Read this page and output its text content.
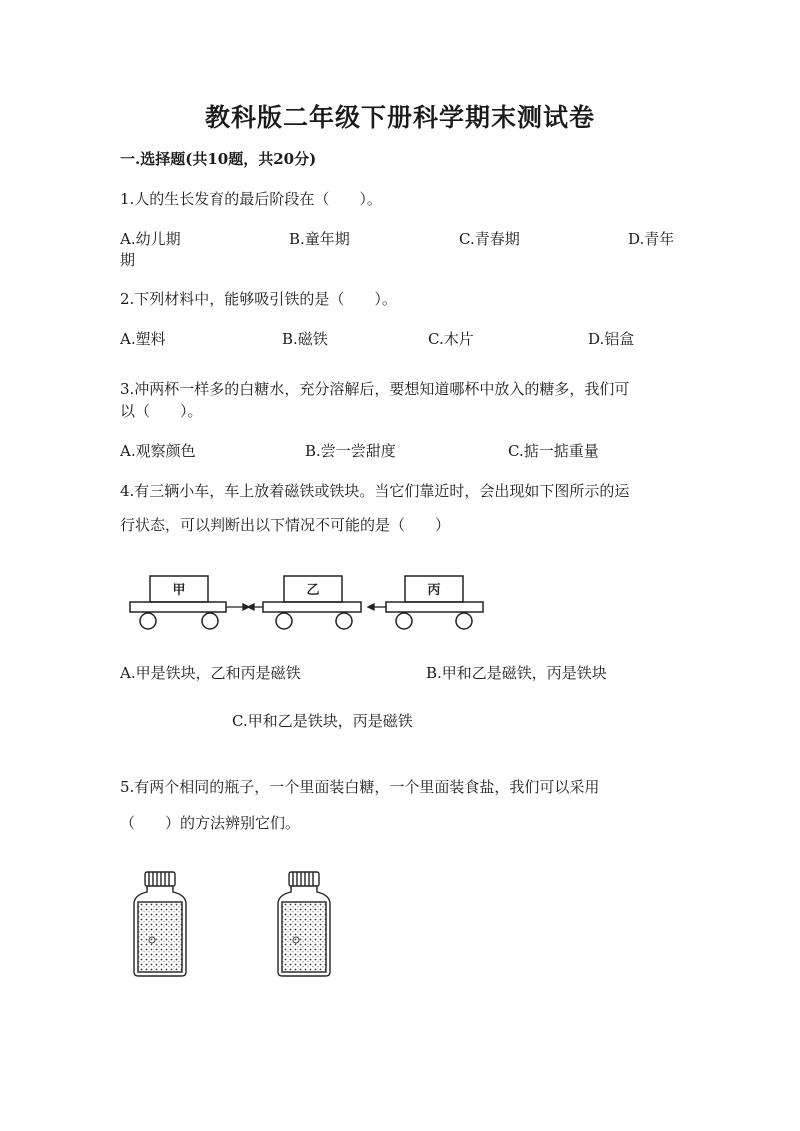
教科版二年级下册科学期末测试卷
一.选择题(共10题，共20分)
1.人的生长发育的最后阶段在（　　）。
A.幼儿期	B.童年期	C.青春期	D.青年
期
2.下列材料中，能够吸引铁的是（　　）。
A.塑料	B.磁铁	C.木片	D.铝盒
3.冲两杯一样多的白糖水，充分溶解后，要想知道哪杯中放入的糖多，我们可
以（　　）。
A.观察颜色	B.尝一尝甜度	C.掂一掂重量
4.有三辆小车，车上放着磁铁或铁块。当它们靠近时，会出现如下图所示的运
行状态，可以判断出以下情况不可能的是（　　）
甲	乙	丙
A.甲是铁块，乙和丙是磁铁	B.甲和乙是磁铁，丙是铁块
C.甲和乙是铁块，丙是磁铁
5.有两个相同的瓶子，一个里面装白糖，一个里面装食盐，我们可以采用
（　　）的方法辨别它们。
